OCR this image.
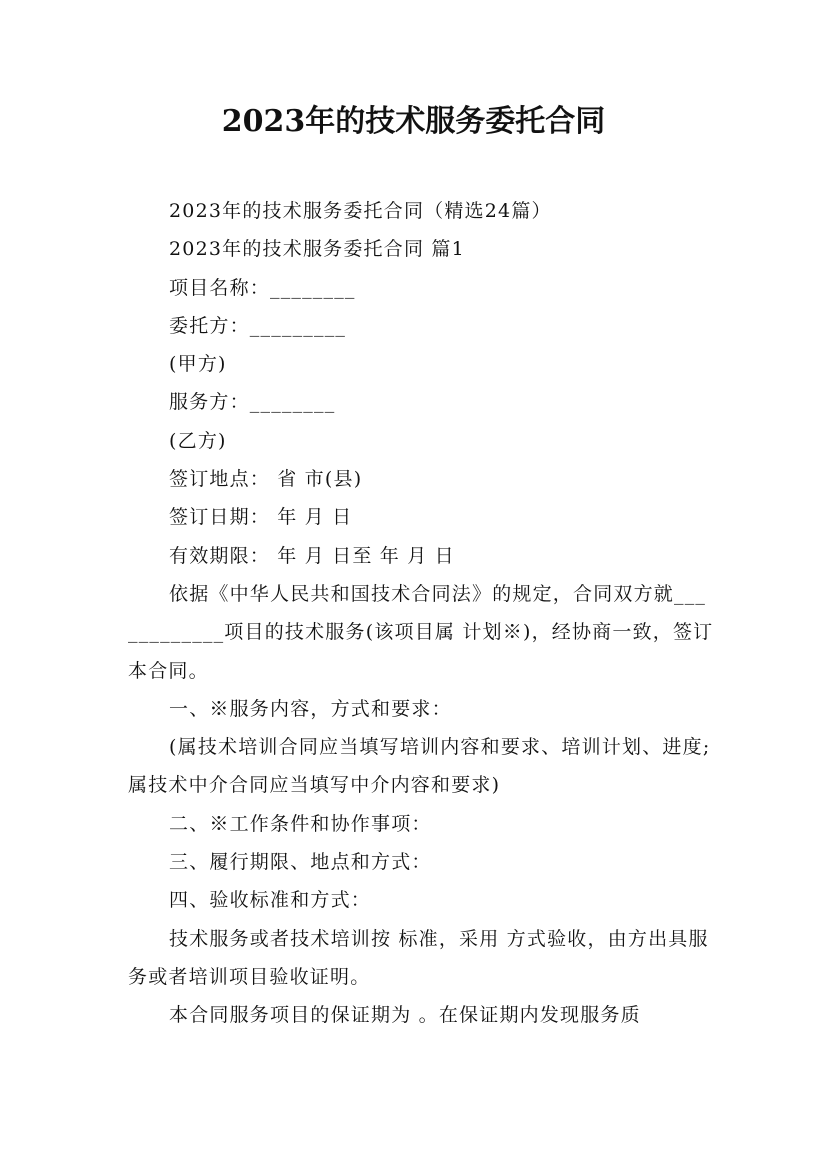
2023年的技术服务委托合同

2023年的技术服务委托合同（精选24篇）

2023年的技术服务委托合同 篇1

项目名称：________

委托方：_________

(甲方)

服务方：________

(乙方)

签订地点： 省 市(县)

签订日期： 年 月 日

有效期限： 年 月 日至 年 月 日

依据《中华人民共和国技术合同法》的规定，合同双方就____________项目的技术服务(该项目属 计划※)，经协商一致，签订本合同。

一、※服务内容，方式和要求：

(属技术培训合同应当填写培训内容和要求、培训计划、进度;属技术中介合同应当填写中介内容和要求)

二、※工作条件和协作事项：

三、履行期限、地点和方式：

四、验收标准和方式：

技术服务或者技术培训按 标准，采用 方式验收，由方出具服务或者培训项目验收证明。

本合同服务项目的保证期为 。在保证期内发现服务质
